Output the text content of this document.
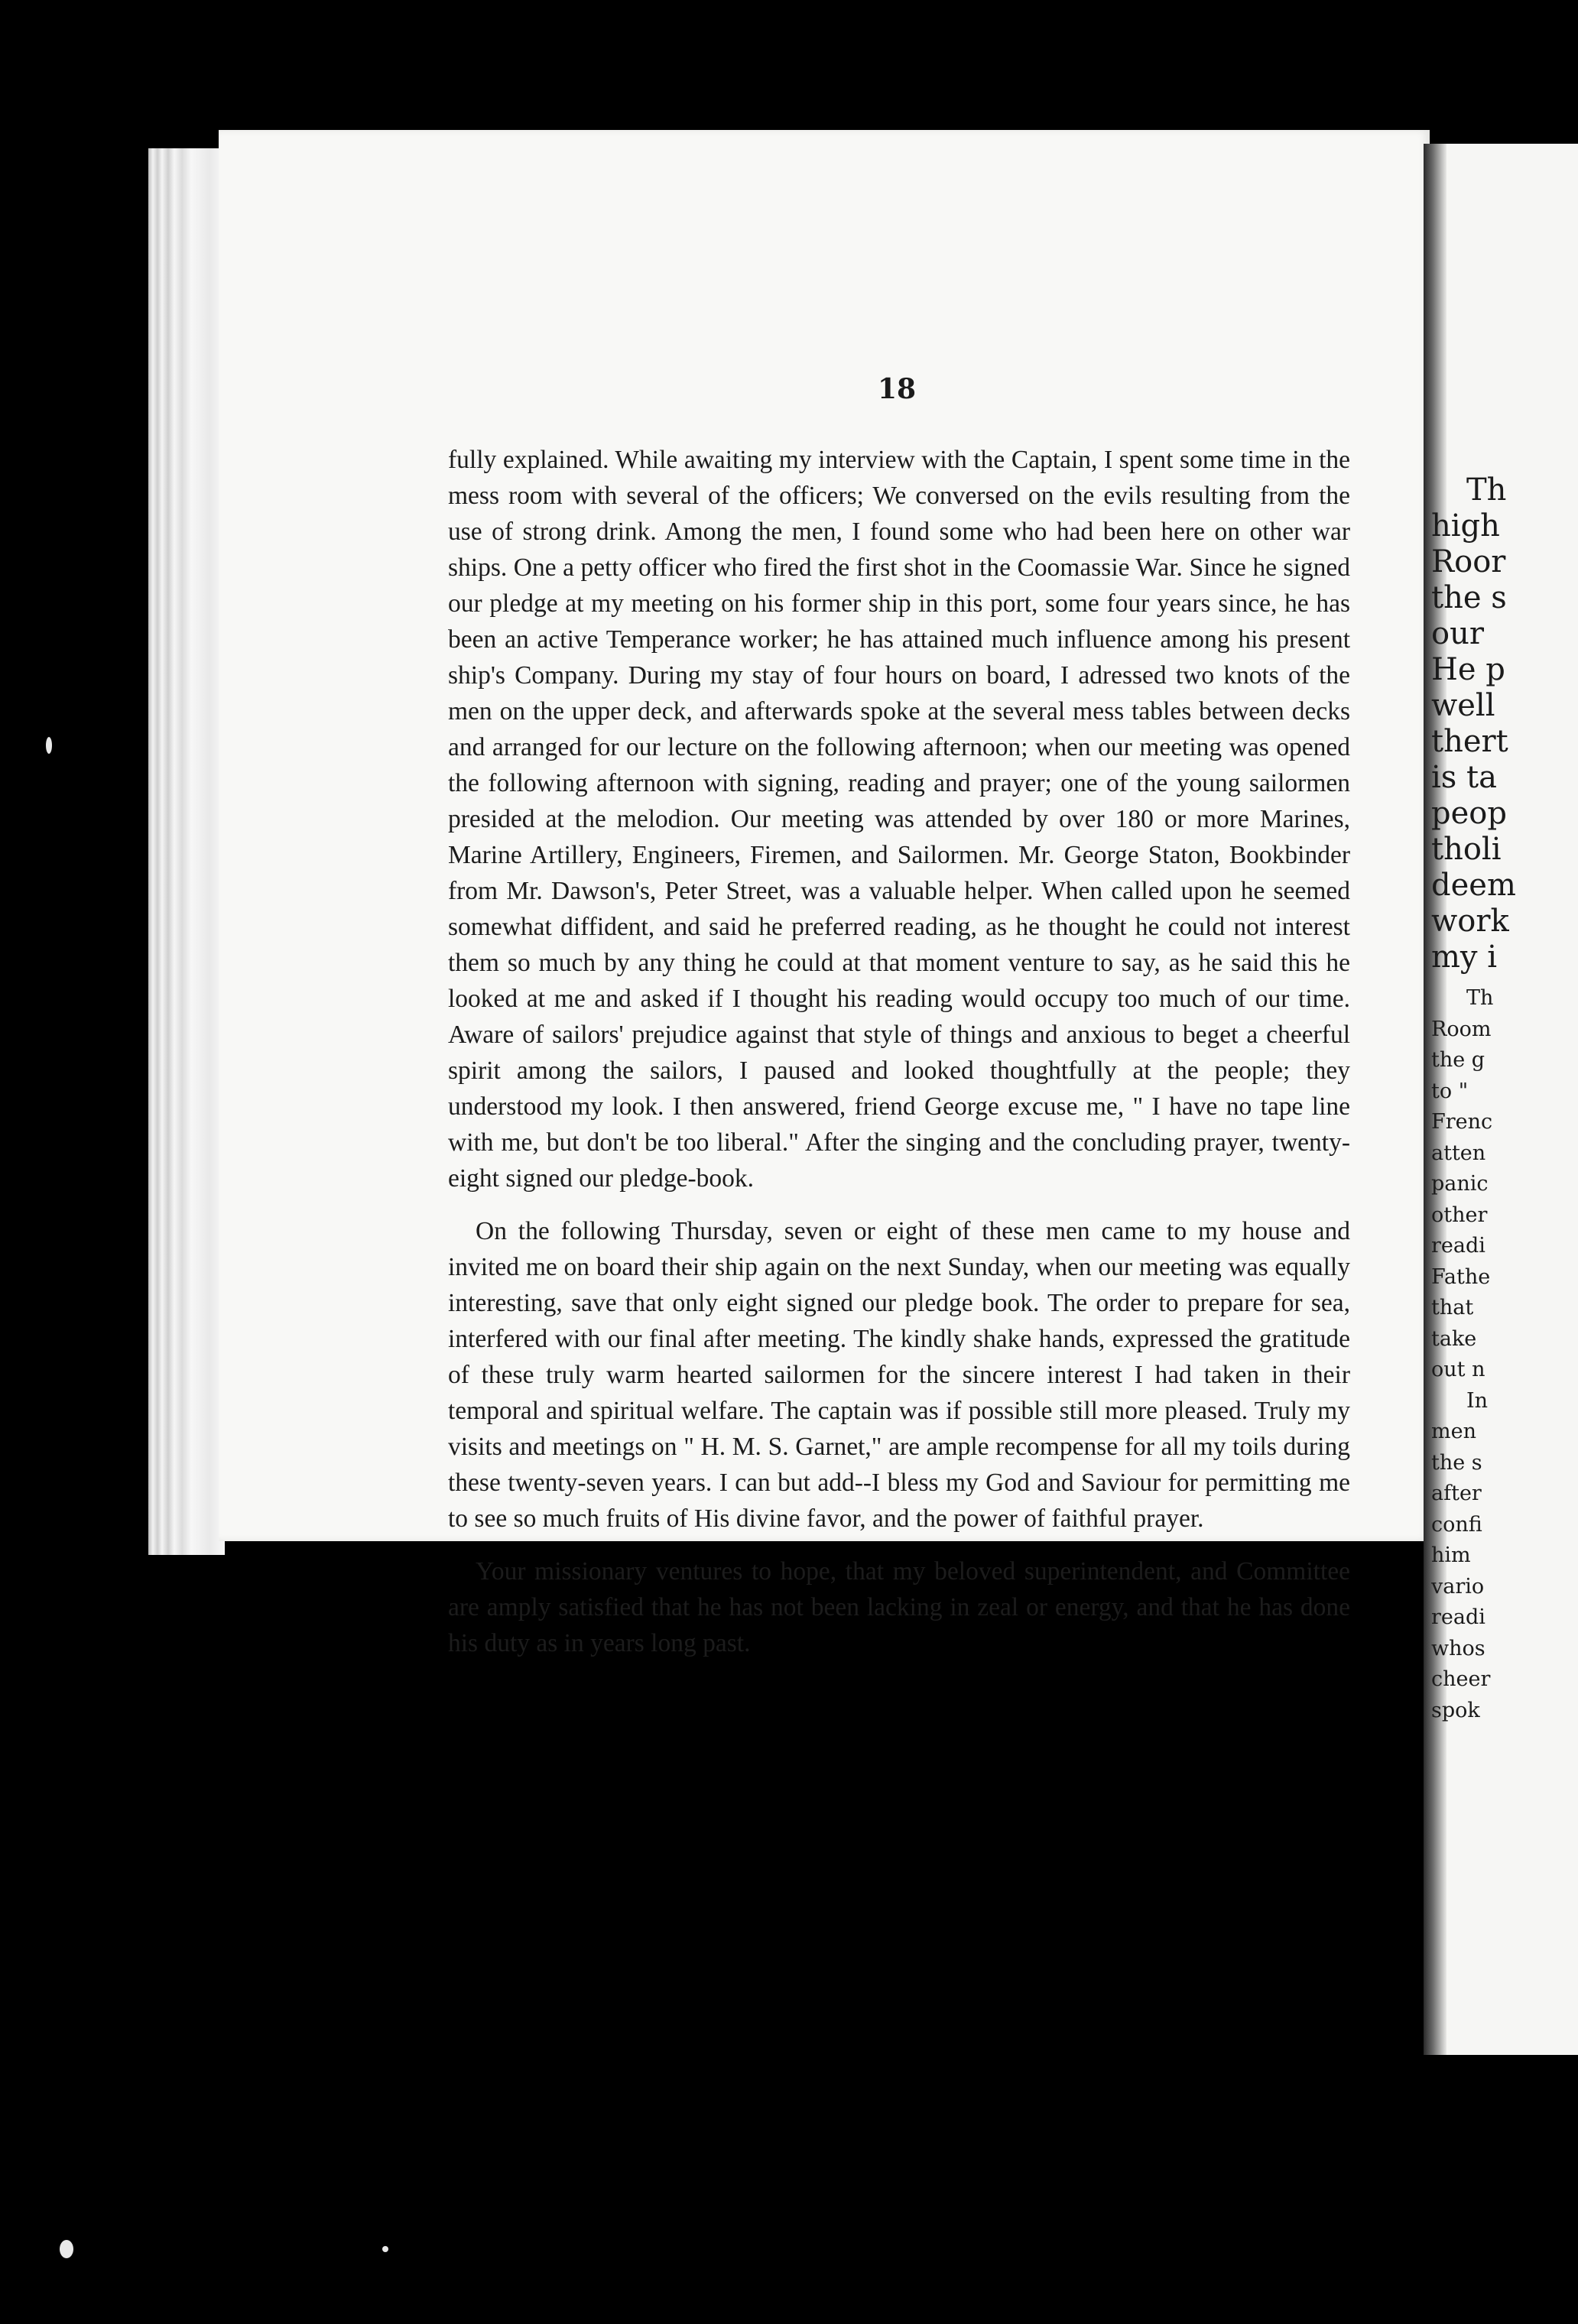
18

fully explained. While awaiting my interview with the Captain, I spent some time in the mess room with several of the officers; We conversed on the evils resulting from the use of strong drink. Among the men, I found some who had been here on other war ships. One a petty officer who fired the first shot in the Coomassie War. Since he signed our pledge at my meeting on his former ship in this port, some four years since, he has been an active Temperance worker; he has attained much influence among his present ship's Company. During my stay of four hours on board, I adressed two knots of the men on the upper deck, and afterwards spoke at the several mess tables between decks and arranged for our lecture on the following afternoon; when our meeting was opened the following afternoon with signing, reading and prayer; one of the young sailormen presided at the melodion. Our meeting was attended by over 180 or more Marines, Marine Artillery, Engineers, Firemen, and Sailormen. Mr. George Staton, Bookbinder from Mr. Dawson's, Peter Street, was a valuable helper. When called upon he seemed somewhat diffident, and said he preferred reading, as he thought he could not interest them so much by any thing he could at that moment venture to say, as he said this he looked at me and asked if I thought his reading would occupy too much of our time. Aware of sailors' prejudice against that style of things and anxious to beget a cheerful spirit among the sailors, I paused and looked thoughtfully at the people; they understood my look. I then answered, friend George excuse me, " I have no tape line with me, but don't be too liberal." After the singing and the concluding prayer, twenty-eight signed our pledge-book.

On the following Thursday, seven or eight of these men came to my house and invited me on board their ship again on the next Sunday, when our meeting was equally interesting, save that only eight signed our pledge book. The order to prepare for sea, interfered with our final after meeting. The kindly shake hands, expressed the gratitude of these truly warm hearted sailormen for the sincere interest I had taken in their temporal and spiritual welfare. The captain was if possible still more pleased. Truly my visits and meetings on " H. M. S. Garnet," are ample recompense for all my toils during these twenty-seven years. I can but add--I bless my God and Saviour for permitting me to see so much fruits of His divine favor, and the power of faithful prayer.

Your missionary ventures to hope, that my beloved superintendent, and Committee are amply satisfied that he has not been lacking in zeal or energy, and that he has done his duty as in years long past.

Th
high
Roor
the s
our
He p
well
thert
is ta
peop
tholi
deem
work
my i
Th
Room
the g
to "
Frenc
atten
panic
other
readi
Fathe
that
take
out n
In
men
the s
after
confi
him
vario
readi
whos
cheer
spok
